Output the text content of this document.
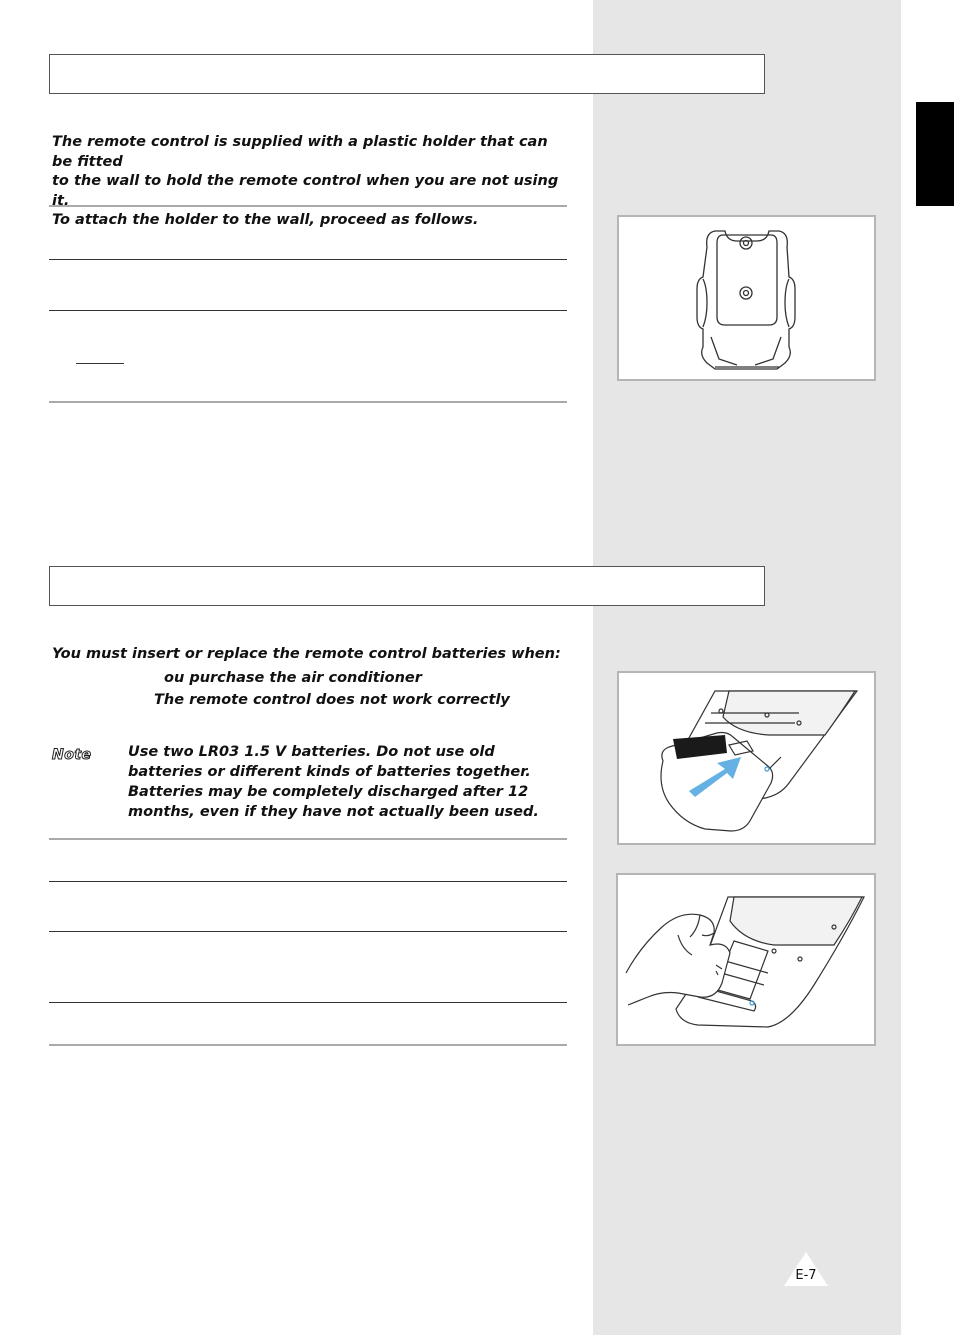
The remote control is supplied with a plastic holder that can be fitted
to the wall to hold the remote control when you are not using it.
To attach the holder to the wall, proceed as follows.
You must insert or replace the remote control batteries when:
ou purchase the air conditioner
The remote control does not work correctly
Note	Use two LR03 1.5 V batteries. Do not use old batteries or different kinds of batteries together. Batteries may be completely discharged after 12 months, even if they have not actually been used.
E-7
